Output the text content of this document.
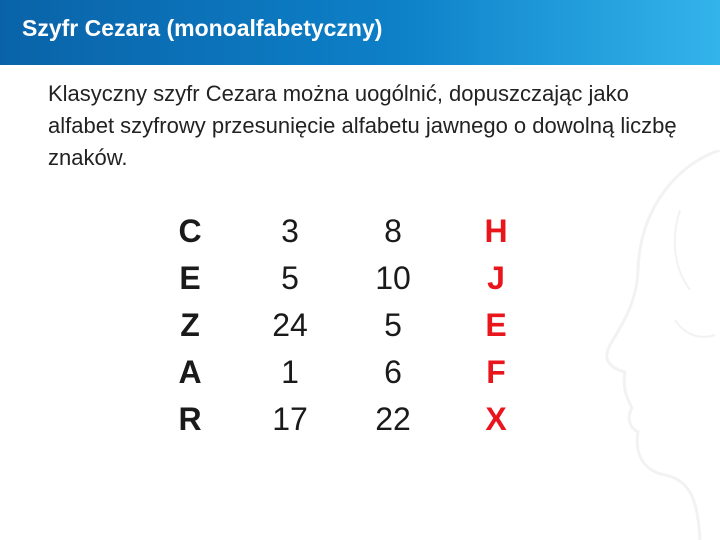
Szyfr Cezara (monoalfabetyczny)

Klasyczny szyfr Cezara można uogólnić, dopuszczając jako alfabet szyfrowy przesunięcie alfabetu jawnego o dowolną liczbę znaków.

C
E
Z
A
R
3
5
24
1
17
8
10
5
6
22
H
J
E
F
X
